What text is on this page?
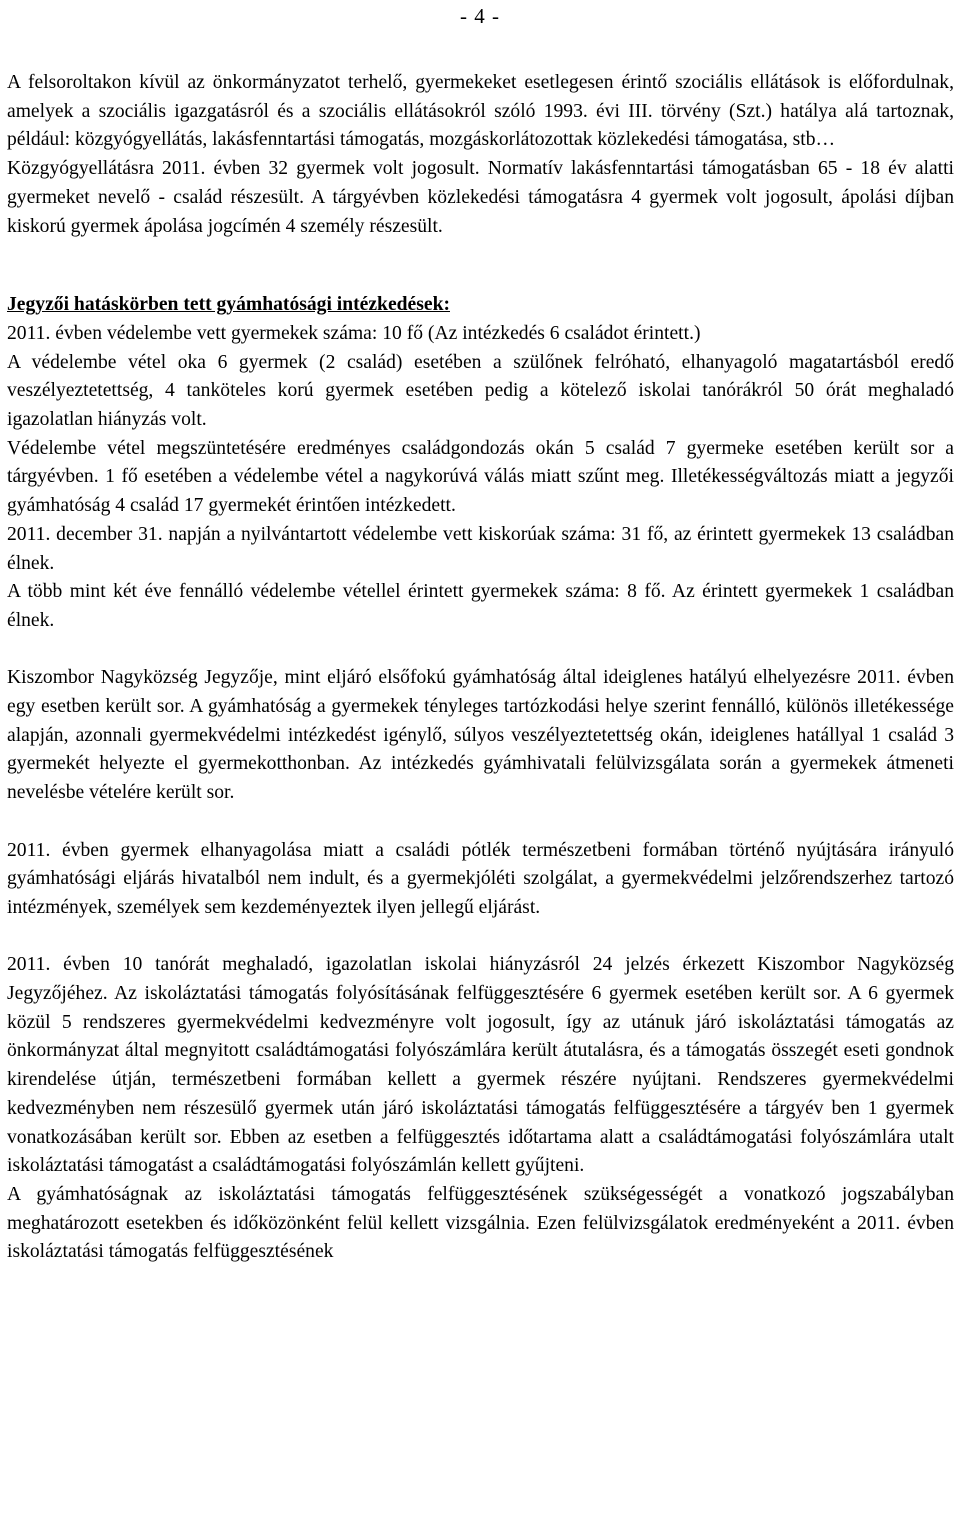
- 4 -

A felsoroltakon kívül az önkormányzatot terhelő, gyermekeket esetlegesen érintő szociális ellátások is előfordulnak, amelyek a szociális igazgatásról és a szociális ellátásokról szóló 1993. évi III. törvény (Szt.) hatálya alá tartoznak, például: közgyógyellátás, lakásfenntartási támogatás, mozgáskorlátozottak közlekedési támogatása, stb…

Közgyógyellátásra 2011. évben 32 gyermek volt jogosult. Normatív lakásfenntartási támogatásban 65 - 18 év alatti gyermeket nevelő - család részesült. A tárgyévben közlekedési támogatásra 4 gyermek volt jogosult, ápolási díjban kiskorú gyermek ápolása jogcímén 4 személy részesült.

Jegyzői hatáskörben tett gyámhatósági intézkedések:

2011. évben védelembe vett gyermekek száma: 10 fő (Az intézkedés 6 családot érintett.)

A védelembe vétel oka 6 gyermek (2 család) esetében a szülőnek felróható, elhanyagoló magatartásból eredő veszélyeztetettség, 4 tanköteles korú gyermek esetében pedig a kötelező iskolai tanórákról 50 órát meghaladó igazolatlan hiányzás volt.

Védelembe vétel megszüntetésére eredményes családgondozás okán 5 család 7 gyermeke esetében került sor a tárgyévben. 1 fő esetében a védelembe vétel a nagykorúvá válás miatt szűnt meg. Illetékességváltozás miatt a jegyzői gyámhatóság 4 család 17 gyermekét érintően intézkedett.

2011. december 31. napján a nyilvántartott védelembe vett kiskorúak száma: 31 fő, az érintett gyermekek 13 családban élnek.

A több mint két éve fennálló védelembe vétellel érintett gyermekek száma: 8 fő. Az érintett gyermekek 1 családban élnek.

Kiszombor Nagyközség Jegyzője, mint eljáró elsőfokú gyámhatóság által ideiglenes hatályú elhelyezésre 2011. évben egy esetben került sor. A gyámhatóság a gyermekek tényleges tartózkodási helye szerint fennálló, különös illetékessége alapján, azonnali gyermekvédelmi intézkedést igénylő, súlyos veszélyeztetettség okán, ideiglenes hatállyal 1 család 3 gyermekét helyezte el gyermekotthonban. Az intézkedés gyámhivatali felülvizsgálata során a gyermekek átmeneti nevelésbe vételére került sor.

2011. évben gyermek elhanyagolása miatt a családi pótlék természetbeni formában történő nyújtására irányuló gyámhatósági eljárás hivatalból nem indult, és a gyermekjóléti szolgálat, a gyermekvédelmi jelzőrendszerhez tartozó intézmények, személyek sem kezdeményeztek ilyen jellegű eljárást.

2011. évben 10 tanórát meghaladó, igazolatlan iskolai hiányzásról 24 jelzés érkezett Kiszombor Nagyközség Jegyzőjéhez. Az iskoláztatási támogatás folyósításának felfüggesztésére 6 gyermek esetében került sor. A 6 gyermek közül 5 rendszeres gyermekvédelmi kedvezményre volt jogosult, így az utánuk járó iskoláztatási támogatás az önkormányzat által megnyitott családtámogatási folyószámlára került átutalásra, és a támogatás összegét eseti gondnok kirendelése útján, természetbeni formában kellett a gyermek részére nyújtani. Rendszeres gyermekvédelmi kedvezményben nem részesülő gyermek után járó iskoláztatási támogatás felfüggesztésére a tárgyév ben 1 gyermek vonatkozásában került sor. Ebben az esetben a felfüggesztés időtartama alatt a családtámogatási folyószámlára utalt iskoláztatási támogatást a családtámogatási folyószámlán kellett gyűjteni.

A gyámhatóságnak az iskoláztatási támogatás felfüggesztésének szükségességét a vonatkozó jogszabályban meghatározott esetekben és időközönként felül kellett vizsgálnia. Ezen felülvizsgálatok eredményeként a 2011. évben iskoláztatási támogatás felfüggesztésének
